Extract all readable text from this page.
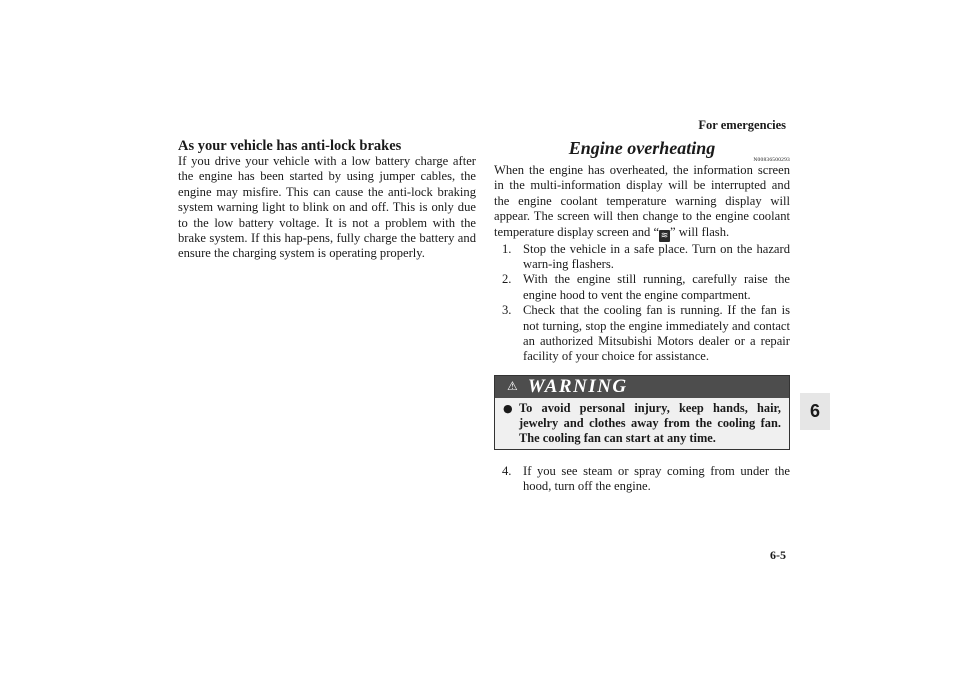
For emergencies
6
As your vehicle has anti-lock brakes

If you drive your vehicle with a low battery charge after the engine has been started by using jumper cables, the engine may misfire. This can cause the anti-lock braking system warning light to blink on and off. This is only due to the low battery voltage. It is not a problem with the brake system. If this hap-pens, fully charge the battery and ensure the charging system is operating properly.

Engine overheating
N00836500293

When the engine has overheated, the information screen in the multi-information display will be interrupted and the engine coolant temperature warning display will appear. The screen will then change to the engine coolant temperature display screen and “ ≋ ” will flash.

1. Stop the vehicle in a safe place. Turn on the hazard warn-ing flashers.
2. With the engine still running, carefully raise the engine hood to vent the engine compartment.
3. Check that the cooling fan is running. If the fan is not turning, stop the engine immediately and contact an authorized Mitsubishi Motors dealer or a repair facility of your choice for assistance.
⚠ WARNING
● To avoid personal injury, keep hands, hair, jewelry and clothes away from the cooling fan. The cooling fan can start at any time.
4. If you see steam or spray coming from under the hood, turn off the engine.
6-5
